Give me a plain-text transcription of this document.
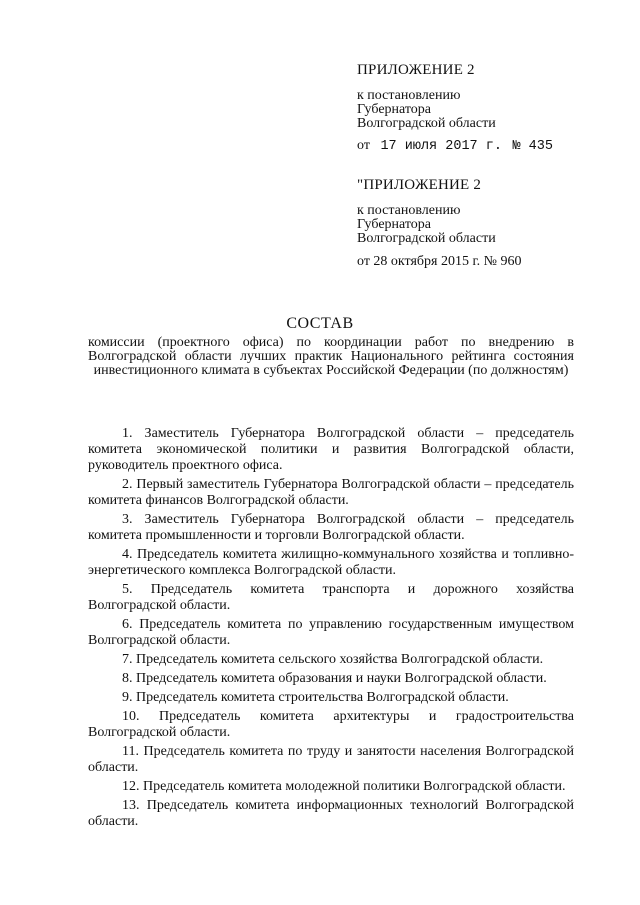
ПРИЛОЖЕНИЕ 2
к постановлению
Губернатора
Волгоградской области
от 17 июля 2017 г. № 435
"ПРИЛОЖЕНИЕ 2
к постановлению
Губернатора
Волгоградской области
от 28 октября 2015 г. № 960
СОСТАВ
комиссии (проектного офиса) по координации работ по внедрению в Волгоградской области лучших практик Национального рейтинга состояния инвестиционного климата в субъектах Российской Федерации (по должностям)

1. Заместитель Губернатора Волгоградской области – председатель комитета экономической политики и развития Волгоградской области, руководитель проектного офиса.

2. Первый заместитель Губернатора Волгоградской области – председатель комитета финансов Волгоградской области.

3. Заместитель Губернатора Волгоградской области – председатель комитета промышленности и торговли Волгоградской области.

4. Председатель комитета жилищно-коммунального хозяйства и топливно-энергетического комплекса Волгоградской области.

5. Председатель комитета транспорта и дорожного хозяйства Волгоградской области.

6. Председатель комитета по управлению государственным имуществом Волгоградской области.

7. Председатель комитета сельского хозяйства Волгоградской области.

8. Председатель комитета образования и науки Волгоградской области.

9. Председатель комитета строительства Волгоградской области.

10. Председатель комитета архитектуры и градостроительства Волгоградской области.

11. Председатель комитета по труду и занятости населения Волгоградской области.

12. Председатель комитета молодежной политики Волгоградской области.

13. Председатель комитета информационных технологий Волгоградской области.
